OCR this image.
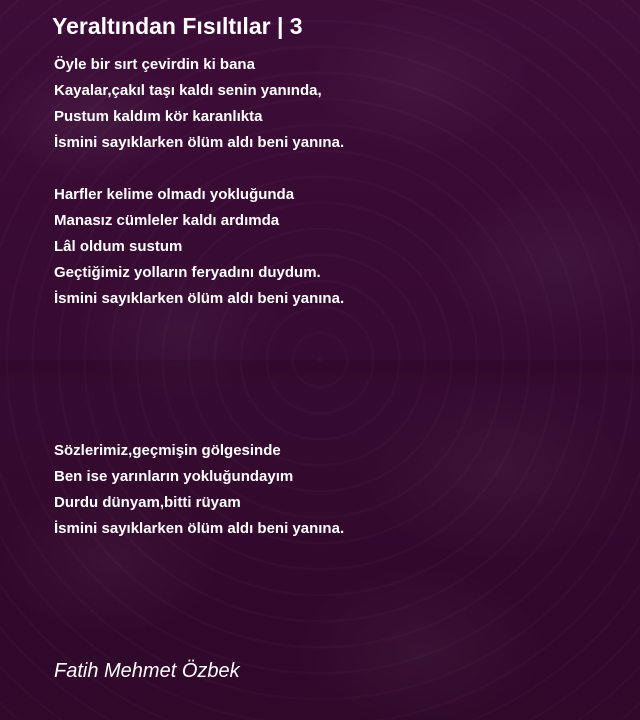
Yeraltından Fısıltılar | 3
Öyle bir sırt çevirdin ki bana
Kayalar,çakıl taşı kaldı senin yanında,
Pustum kaldım kör karanlıkta
İsmini sayıklarken ölüm aldı beni yanına.
Harfler kelime olmadı yokluğunda
Manasız cümleler kaldı ardımda
Lâl oldum sustum
Geçtiğimiz yolların feryadını duydum.
İsmini sayıklarken ölüm aldı beni yanına.
Sözlerimiz,geçmişin gölgesinde
Ben ise yarınların yokluğundayım
Durdu dünyam,bitti rüyam
İsmini sayıklarken ölüm aldı beni yanına.
Fatih Mehmet Özbek
